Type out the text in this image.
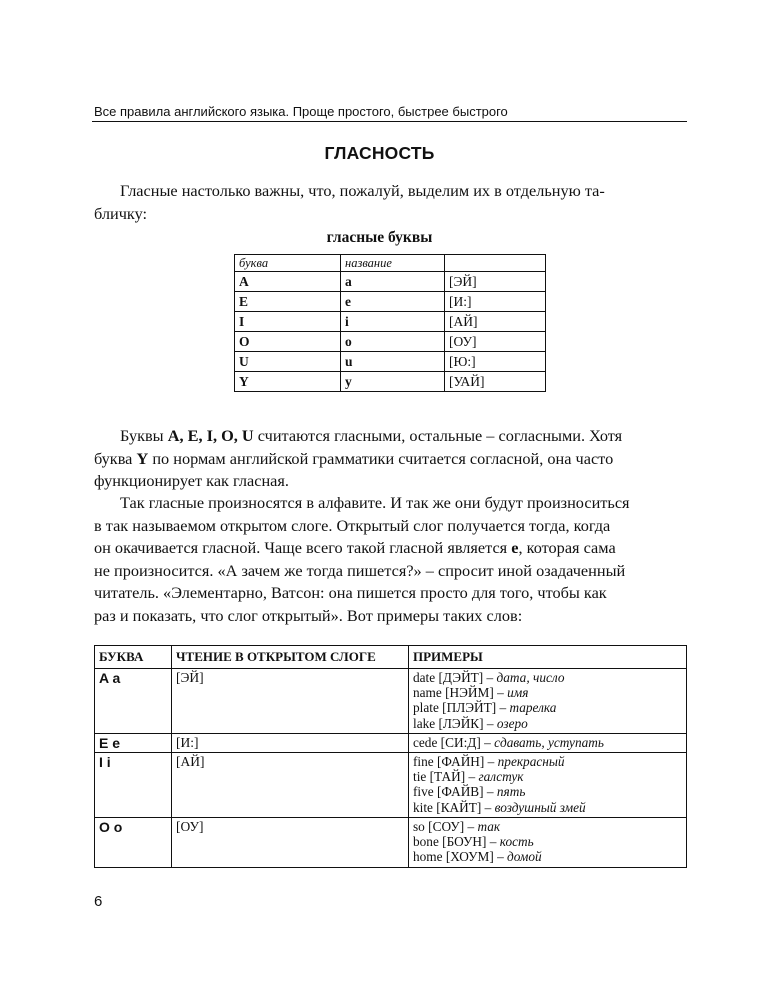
Все правила английского языка. Проще простого, быстрее быстрого
ГЛАСНОСТЬ
Гласные настолько важны, что, пожалуй, выделим их в отдельную та-
бличку:
гласные буквы
буква	название	
A	a	[ЭЙ]
E	e	[И:]
I	i	[АЙ]
O	o	[ОУ]
U	u	[Ю:]
Y	y	[УАЙ]
Буквы A, E, I, O, U считаются гласными, остальные – согласными. Хотя
буква Y по нормам английской грамматики считается согласной, она часто
функционирует как гласная.
Так гласные произносятся в алфавите. И так же они будут произноситься
в так называемом открытом слоге. Открытый слог получается тогда, когда
он окачивается гласной. Чаще всего такой гласной является e, которая сама
не произносится. «А зачем же тогда пишется?» – спросит иной озадаченный
читатель. «Элементарно, Ватсон: она пишется просто для того, чтобы как
раз и показать, что слог открытый». Вот примеры таких слов:
БУКВА	ЧТЕНИЕ В ОТКРЫТОМ СЛОГЕ	ПРИМЕРЫ
A a	[ЭЙ]	date [ДЭЙТ] – дата, число
name [НЭЙМ] – имя
plate [ПЛЭЙТ] – тарелка
lake [ЛЭЙК] – озеро

E e	[И:]	cede [СИ:Д] – сдавать, уступать

I i	[АЙ]	fine [ФАЙН] – прекрасный
tie [ТАЙ] – галстук
five [ФАЙВ] – пять
kite [КАЙТ] – воздушный змей

O o	[ОУ]	so [СОУ] – так
bone [БОУН] – кость
home [ХОУМ] – домой
6
